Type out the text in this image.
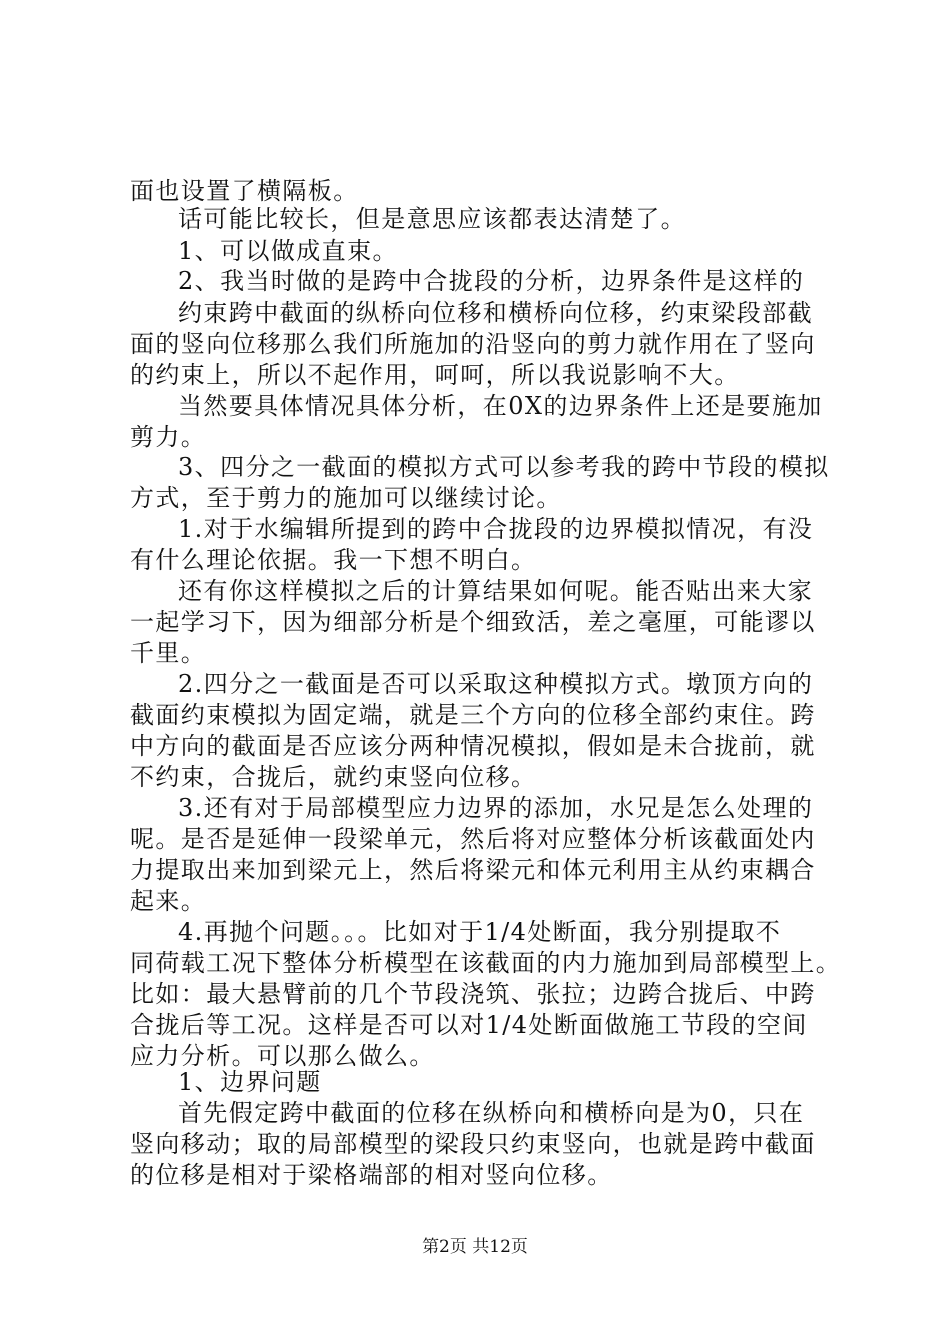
面也设置了横隔板。
话可能比较长，但是意思应该都表达清楚了。
1、可以做成直束。
2、我当时做的是跨中合拢段的分析，边界条件是这样的
约束跨中截面的纵桥向位移和横桥向位移，约束梁段部截
面的竖向位移那么我们所施加的沿竖向的剪力就作用在了竖向
的约束上，所以不起作用，呵呵，所以我说影响不大。
当然要具体情况具体分析，在0X的边界条件上还是要施加
剪力。
3、四分之一截面的模拟方式可以参考我的跨中节段的模拟
方式，至于剪力的施加可以继续讨论。
1.对于水编辑所提到的跨中合拢段的边界模拟情况，有没
有什么理论依据。我一下想不明白。
还有你这样模拟之后的计算结果如何呢。能否贴出来大家
一起学习下，因为细部分析是个细致活，差之毫厘，可能谬以
千里。
2.四分之一截面是否可以采取这种模拟方式。墩顶方向的
截面约束模拟为固定端，就是三个方向的位移全部约束住。跨
中方向的截面是否应该分两种情况模拟，假如是未合拢前，就
不约束，合拢后，就约束竖向位移。
3.还有对于局部模型应力边界的添加，水兄是怎么处理的
呢。是否是延伸一段梁单元，然后将对应整体分析该截面处内
力提取出来加到梁元上，然后将梁元和体元利用主从约束耦合
起来。
4.再抛个问题。。。比如对于1/4处断面，我分别提取不
同荷载工况下整体分析模型在该截面的内力施加到局部模型上。
比如：最大悬臂前的几个节段浇筑、张拉；边跨合拢后、中跨
合拢后等工况。这样是否可以对1/4处断面做施工节段的空间
应力分析。可以那么做么。
1、边界问题
首先假定跨中截面的位移在纵桥向和横桥向是为0，只在
竖向移动；取的局部模型的梁段只约束竖向，也就是跨中截面
的位移是相对于梁格端部的相对竖向位移。
第2页 共12页
